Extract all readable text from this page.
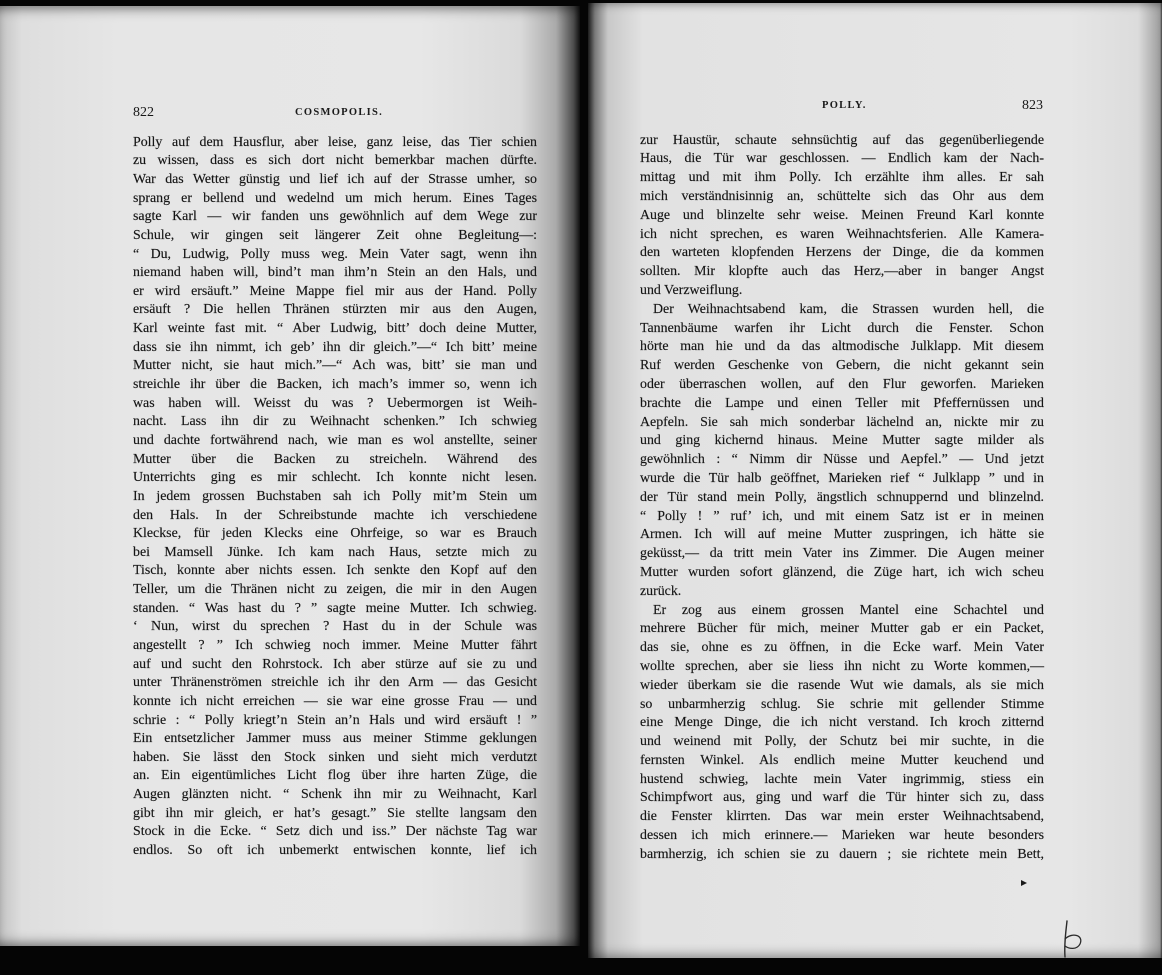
822	COSMOPOLIS.
Polly auf dem Hausflur, aber leise, ganz leise, das Tier schien
zu wissen, dass es sich dort nicht bemerkbar machen dürfte.
War das Wetter günstig und lief ich auf der Strasse umher, so
sprang er bellend und wedelnd um mich herum. Eines Tages
sagte Karl — wir fanden uns gewöhnlich auf dem Wege zur
Schule, wir gingen seit längerer Zeit ohne Begleitung—:
“ Du, Ludwig, Polly muss weg. Mein Vater sagt, wenn ihn
niemand haben will, bind’t man ihm’n Stein an den Hals, und
er wird ersäuft.” Meine Mappe fiel mir aus der Hand. Polly
ersäuft ? Die hellen Thränen stürzten mir aus den Augen,
Karl weinte fast mit. “ Aber Ludwig, bitt’ doch deine Mutter,
dass sie ihn nimmt, ich geb’ ihn dir gleich.”—“ Ich bitt’ meine
Mutter nicht, sie haut mich.”—“ Ach was, bitt’ sie man und
streichle ihr über die Backen, ich mach’s immer so, wenn ich
was haben will. Weisst du was ? Uebermorgen ist Weih-
nacht. Lass ihn dir zu Weihnacht schenken.” Ich schwieg
und dachte fortwährend nach, wie man es wol anstellte, seiner
Mutter über die Backen zu streicheln. Während des
Unterrichts ging es mir schlecht. Ich konnte nicht lesen.
In jedem grossen Buchstaben sah ich Polly mit’m Stein um
den Hals. In der Schreibstunde machte ich verschiedene
Kleckse, für jeden Klecks eine Ohrfeige, so war es Brauch
bei Mamsell Jünke. Ich kam nach Haus, setzte mich zu
Tisch, konnte aber nichts essen. Ich senkte den Kopf auf den
Teller, um die Thränen nicht zu zeigen, die mir in den Augen
standen. “ Was hast du ? ” sagte meine Mutter. Ich schwieg.
‘ Nun, wirst du sprechen ? Hast du in der Schule was
angestellt ? ” Ich schwieg noch immer. Meine Mutter fährt
auf und sucht den Rohrstock. Ich aber stürze auf sie zu und
unter Thränenströmen streichle ich ihr den Arm — das Gesicht
konnte ich nicht erreichen — sie war eine grosse Frau — und
schrie : “ Polly kriegt’n Stein an’n Hals und wird ersäuft ! ”
Ein entsetzlicher Jammer muss aus meiner Stimme geklungen
haben. Sie lässt den Stock sinken und sieht mich verdutzt
an. Ein eigentümliches Licht flog über ihre harten Züge, die
Augen glänzten nicht. “ Schenk ihn mir zu Weihnacht, Karl
gibt ihn mir gleich, er hat’s gesagt.” Sie stellte langsam den
Stock in die Ecke. “ Setz dich und iss.” Der nächste Tag war
endlos. So oft ich unbemerkt entwischen konnte, lief ich
POLLY.	823
zur Haustür, schaute sehnsüchtig auf das gegenüberliegende
Haus, die Tür war geschlossen. — Endlich kam der Nach-
mittag und mit ihm Polly. Ich erzählte ihm alles. Er sah
mich verständnisinnig an, schüttelte sich das Ohr aus dem
Auge und blinzelte sehr weise. Meinen Freund Karl konnte
ich nicht sprechen, es waren Weihnachtsferien. Alle Kamera-
den warteten klopfenden Herzens der Dinge, die da kommen
sollten. Mir klopfte auch das Herz,—aber in banger Angst
und Verzweiflung.
Der Weihnachtsabend kam, die Strassen wurden hell, die
Tannenbäume warfen ihr Licht durch die Fenster. Schon
hörte man hie und da das altmodische Julklapp. Mit diesem
Ruf werden Geschenke von Gebern, die nicht gekannt sein
oder überraschen wollen, auf den Flur geworfen. Marieken
brachte die Lampe und einen Teller mit Pfeffernüssen und
Aepfeln. Sie sah mich sonderbar lächelnd an, nickte mir zu
und ging kichernd hinaus. Meine Mutter sagte milder als
gewöhnlich : “ Nimm dir Nüsse und Aepfel.” — Und jetzt
wurde die Tür halb geöffnet, Marieken rief “ Julklapp ” und in
der Tür stand mein Polly, ängstlich schnuppernd und blinzelnd.
“ Polly ! ” ruf’ ich, und mit einem Satz ist er in meinen
Armen. Ich will auf meine Mutter zuspringen, ich hätte sie
geküsst,— da tritt mein Vater ins Zimmer. Die Augen meiner
Mutter wurden sofort glänzend, die Züge hart, ich wich scheu
zurück.
Er zog aus einem grossen Mantel eine Schachtel und
mehrere Bücher für mich, meiner Mutter gab er ein Packet,
das sie, ohne es zu öffnen, in die Ecke warf. Mein Vater
wollte sprechen, aber sie liess ihn nicht zu Worte kommen,—
wieder überkam sie die rasende Wut wie damals, als sie mich
so unbarmherzig schlug. Sie schrie mit gellender Stimme
eine Menge Dinge, die ich nicht verstand. Ich kroch zitternd
und weinend mit Polly, der Schutz bei mir suchte, in die
fernsten Winkel. Als endlich meine Mutter keuchend und
hustend schwieg, lachte mein Vater ingrimmig, stiess ein
Schimpfwort aus, ging und warf die Tür hinter sich zu, dass
die Fenster klirrten. Das war mein erster Weihnachtsabend,
dessen ich mich erinnere.— Marieken war heute besonders
barmherzig, ich schien sie zu dauern ; sie richtete mein Bett,
